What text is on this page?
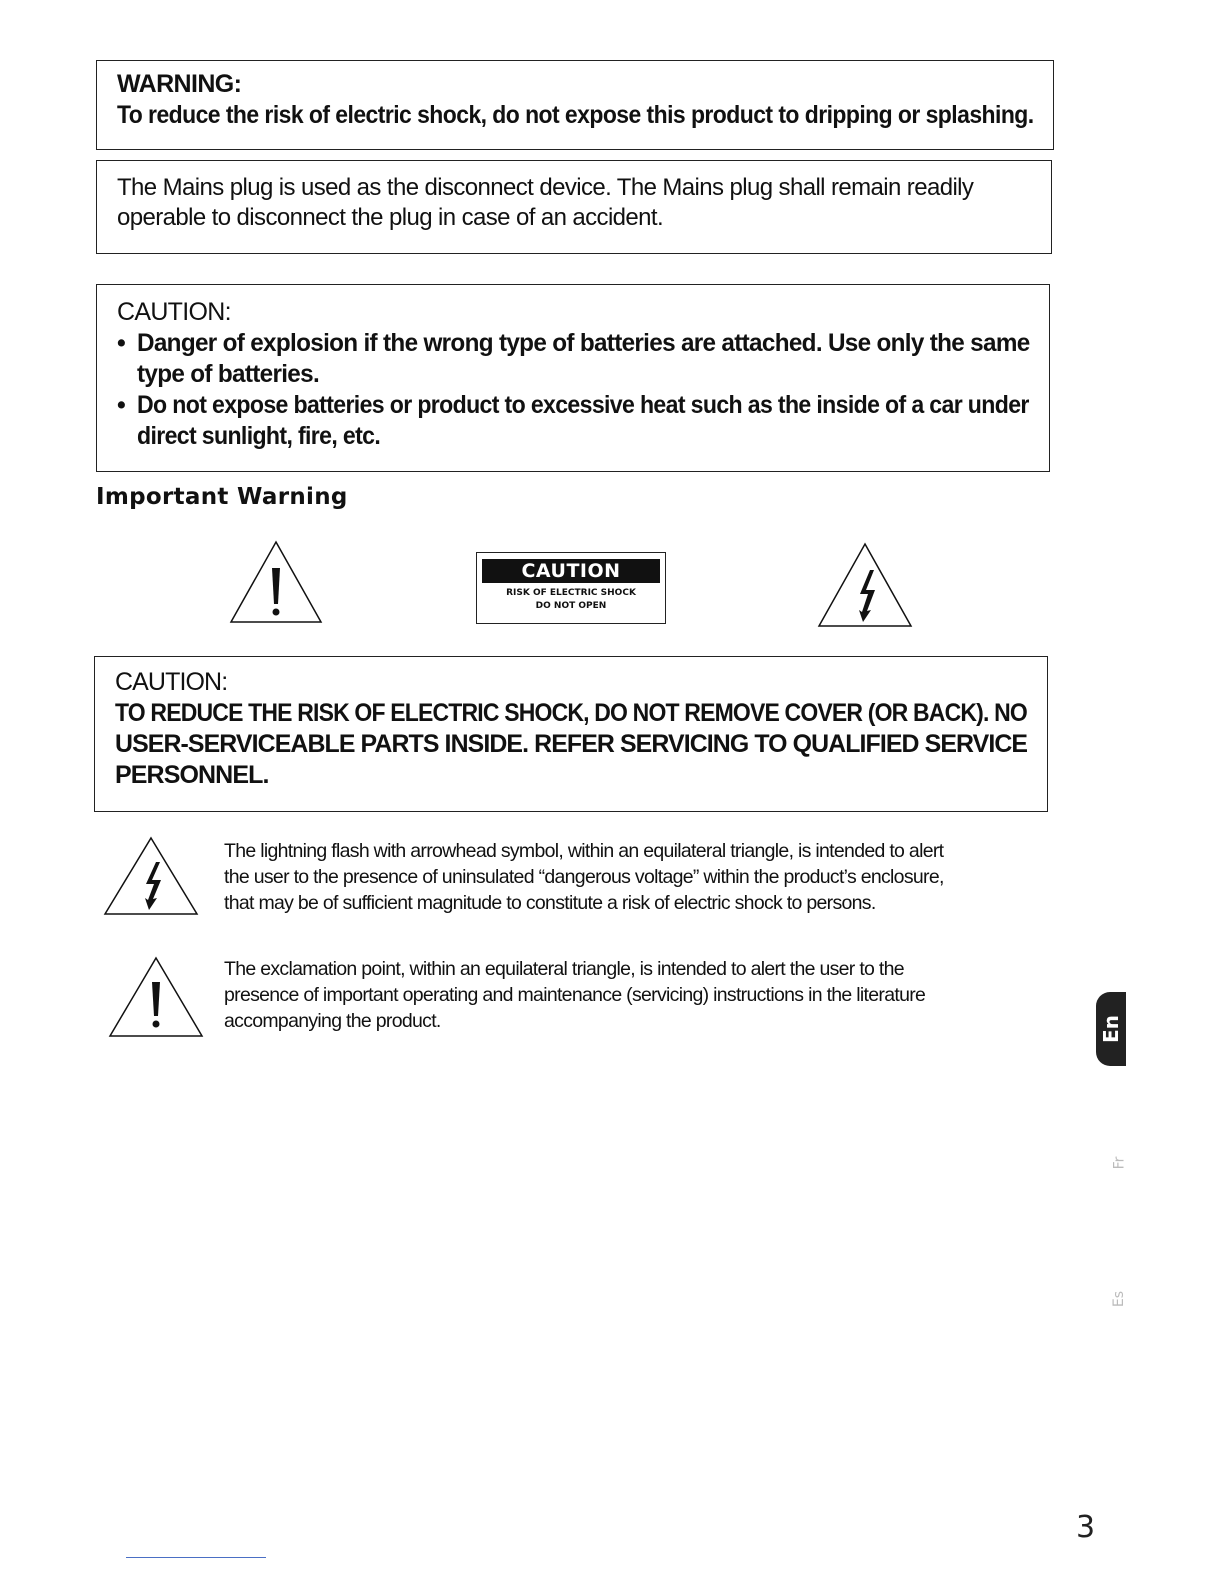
WARNING:
To reduce the risk of electric shock, do not expose this product to dripping or splashing.
The Mains plug is used as the disconnect device. The Mains plug shall remain readily
operable to disconnect the plug in case of an accident.
CAUTION:
• Danger of explosion if the wrong type of batteries are attached. Use only the same
type of batteries.
• Do not expose batteries or product to excessive heat such as the inside of a car under
direct sunlight, fire, etc.
Important Warning
CAUTION
RISK OF ELECTRIC SHOCK
DO NOT OPEN
CAUTION:
TO REDUCE THE RISK OF ELECTRIC SHOCK, DO NOT REMOVE COVER (OR BACK). NO
USER-SERVICEABLE PARTS INSIDE. REFER SERVICING TO QUALIFIED SERVICE
PERSONNEL.
The lightning flash with arrowhead symbol, within an equilateral triangle, is intended to alert
the user to the presence of uninsulated “dangerous voltage” within the product’s enclosure,
that may be of sufficient magnitude to constitute a risk of electric shock to persons.
The exclamation point, within an equilateral triangle, is intended to alert the user to the
presence of important operating and maintenance (servicing) instructions in the literature
accompanying the product.	En
Fr
Es
3
